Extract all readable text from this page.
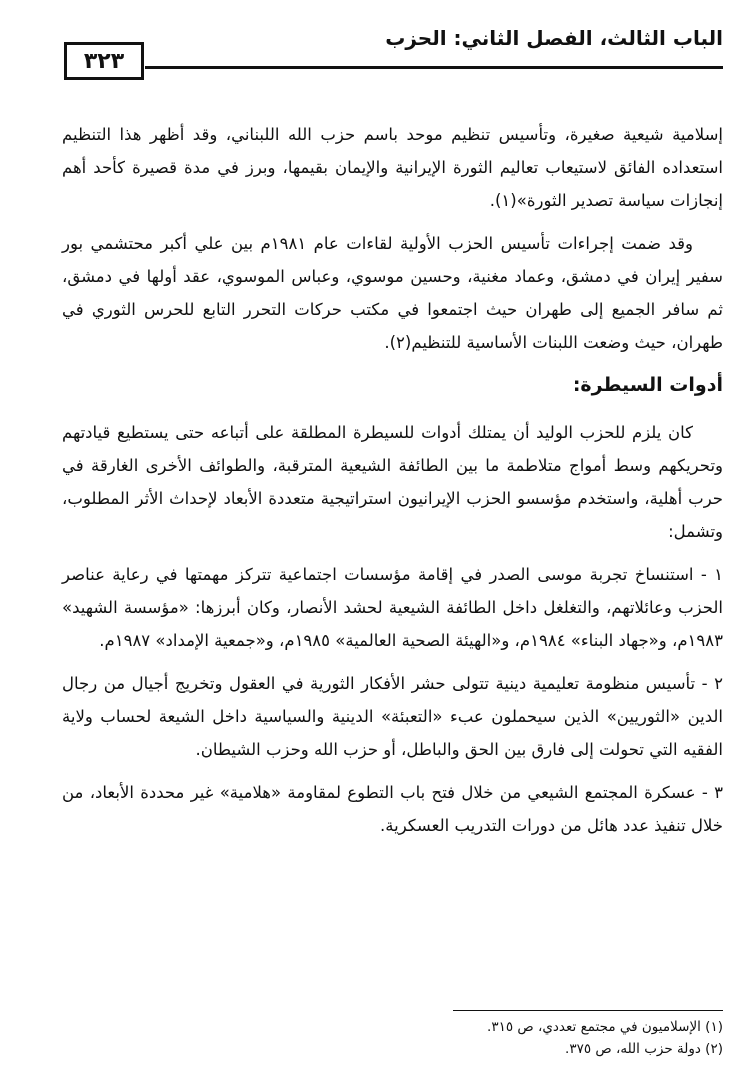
الباب الثالث، الفصل الثاني: الحزب
٣٢٣

إسلامية شيعية صغيرة، وتأسيس تنظيم موحد باسم حزب الله اللبناني، وقد أظهر هذا التنظيم استعداده الفائق لاستيعاب تعاليم الثورة الإيرانية والإيمان بقيمها، وبرز في مدة قصيرة كأحد أهم إنجازات سياسة تصدير الثورة»(١).

وقد ضمت إجراءات تأسيس الحزب الأولية لقاءات عام ١٩٨١م بين علي أكبر محتشمي بور سفير إيران في دمشق، وعماد مغنية، وحسين موسوي، وعباس الموسوي، عقد أولها في دمشق، ثم سافر الجميع إلى طهران حيث اجتمعوا في مكتب حركات التحرر التابع للحرس الثوري في طهران، حيث وضعت اللبنات الأساسية للتنظيم(٢).

أدوات السيطرة:

كان يلزم للحزب الوليد أن يمتلك أدوات للسيطرة المطلقة على أتباعه حتى يستطيع قيادتهم وتحريكهم وسط أمواج متلاطمة ما بين الطائفة الشيعية المترقبة، والطوائف الأخرى الغارقة في حرب أهلية، واستخدم مؤسسو الحزب الإيرانيون استراتيجية متعددة الأبعاد لإحداث الأثر المطلوب، وتشمل:

١ - استنساخ تجربة موسى الصدر في إقامة مؤسسات اجتماعية تتركز مهمتها في رعاية عناصر الحزب وعائلاتهم، والتغلغل داخل الطائفة الشيعية لحشد الأنصار، وكان أبرزها: «مؤسسة الشهيد» ١٩٨٣م، و«جهاد البناء» ١٩٨٤م، و«الهيئة الصحية العالمية» ١٩٨٥م، و«جمعية الإمداد» ١٩٨٧م.

٢ - تأسيس منظومة تعليمية دينية تتولى حشر الأفكار الثورية في العقول وتخريج أجيال من رجال الدين «الثوريين» الذين سيحملون عبء «التعبئة» الدينية والسياسية داخل الشيعة لحساب ولاية الفقيه التي تحولت إلى فارق بين الحق والباطل، أو حزب الله وحزب الشيطان.

٣ - عسكرة المجتمع الشيعي من خلال فتح باب التطوع لمقاومة «هلامية» غير محددة الأبعاد، من خلال تنفيذ عدد هائل من دورات التدريب العسكرية.

(١) الإسلاميون في مجتمع تعددي، ص ٣١٥.

(٢) دولة حزب الله، ص ٣٧٥.
